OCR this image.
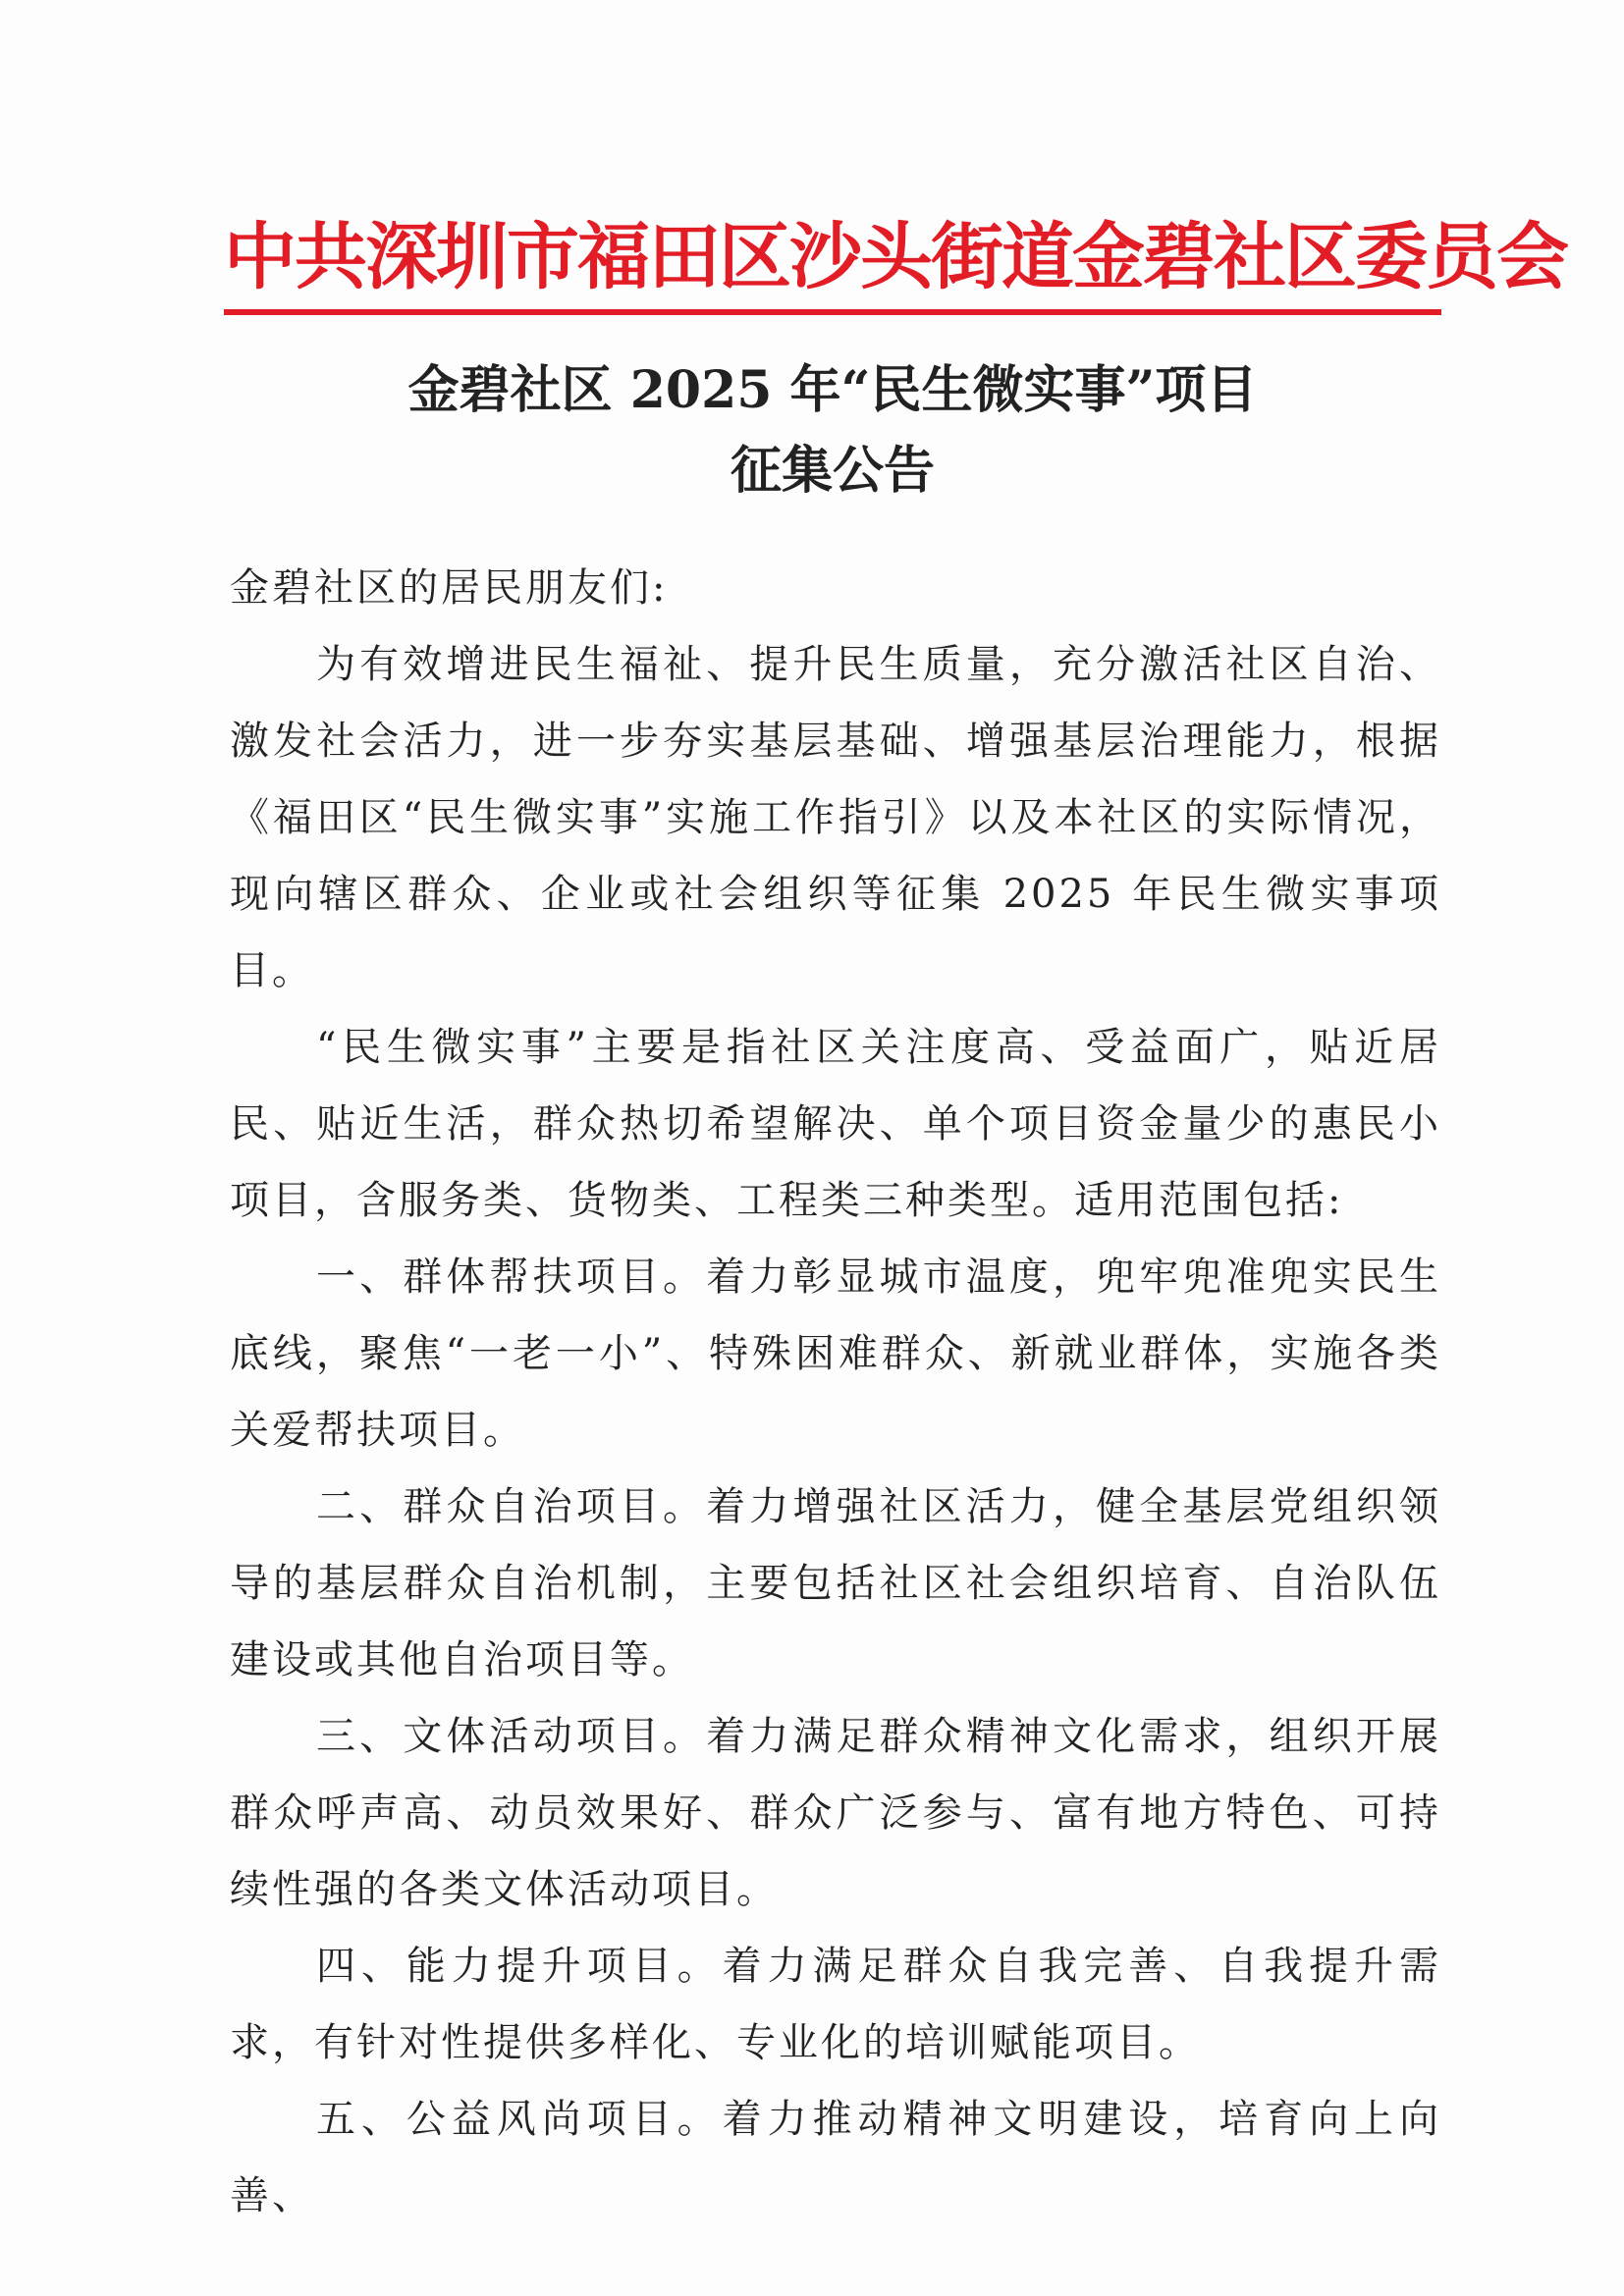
中共深圳市福田区沙头街道金碧社区委员会
金碧社区 2025 年“民生微实事”项目
征集公告

金碧社区的居民朋友们:

为有效增进民生福祉、提升民生质量，充分激活社区自治、激发社会活力，进一步夯实基层基础、增强基层治理能力，根据《福田区“民生微实事”实施工作指引》以及本社区的实际情况，现向辖区群众、企业或社会组织等征集 2025 年民生微实事项目。

“民生微实事”主要是指社区关注度高、受益面广，贴近居民、贴近生活，群众热切希望解决、单个项目资金量少的惠民小项目，含服务类、货物类、工程类三种类型。适用范围包括:

一、群体帮扶项目。着力彰显城市温度，兜牢兜准兜实民生底线，聚焦“一老一小”、特殊困难群众、新就业群体，实施各类关爱帮扶项目。

二、群众自治项目。着力增强社区活力，健全基层党组织领导的基层群众自治机制，主要包括社区社会组织培育、自治队伍建设或其他自治项目等。

三、文体活动项目。着力满足群众精神文化需求，组织开展群众呼声高、动员效果好、群众广泛参与、富有地方特色、可持续性强的各类文体活动项目。

四、能力提升项目。着力满足群众自我完善、自我提升需求，有针对性提供多样化、专业化的培训赋能项目。

五、公益风尚项目。着力推动精神文明建设，培育向上向善、
